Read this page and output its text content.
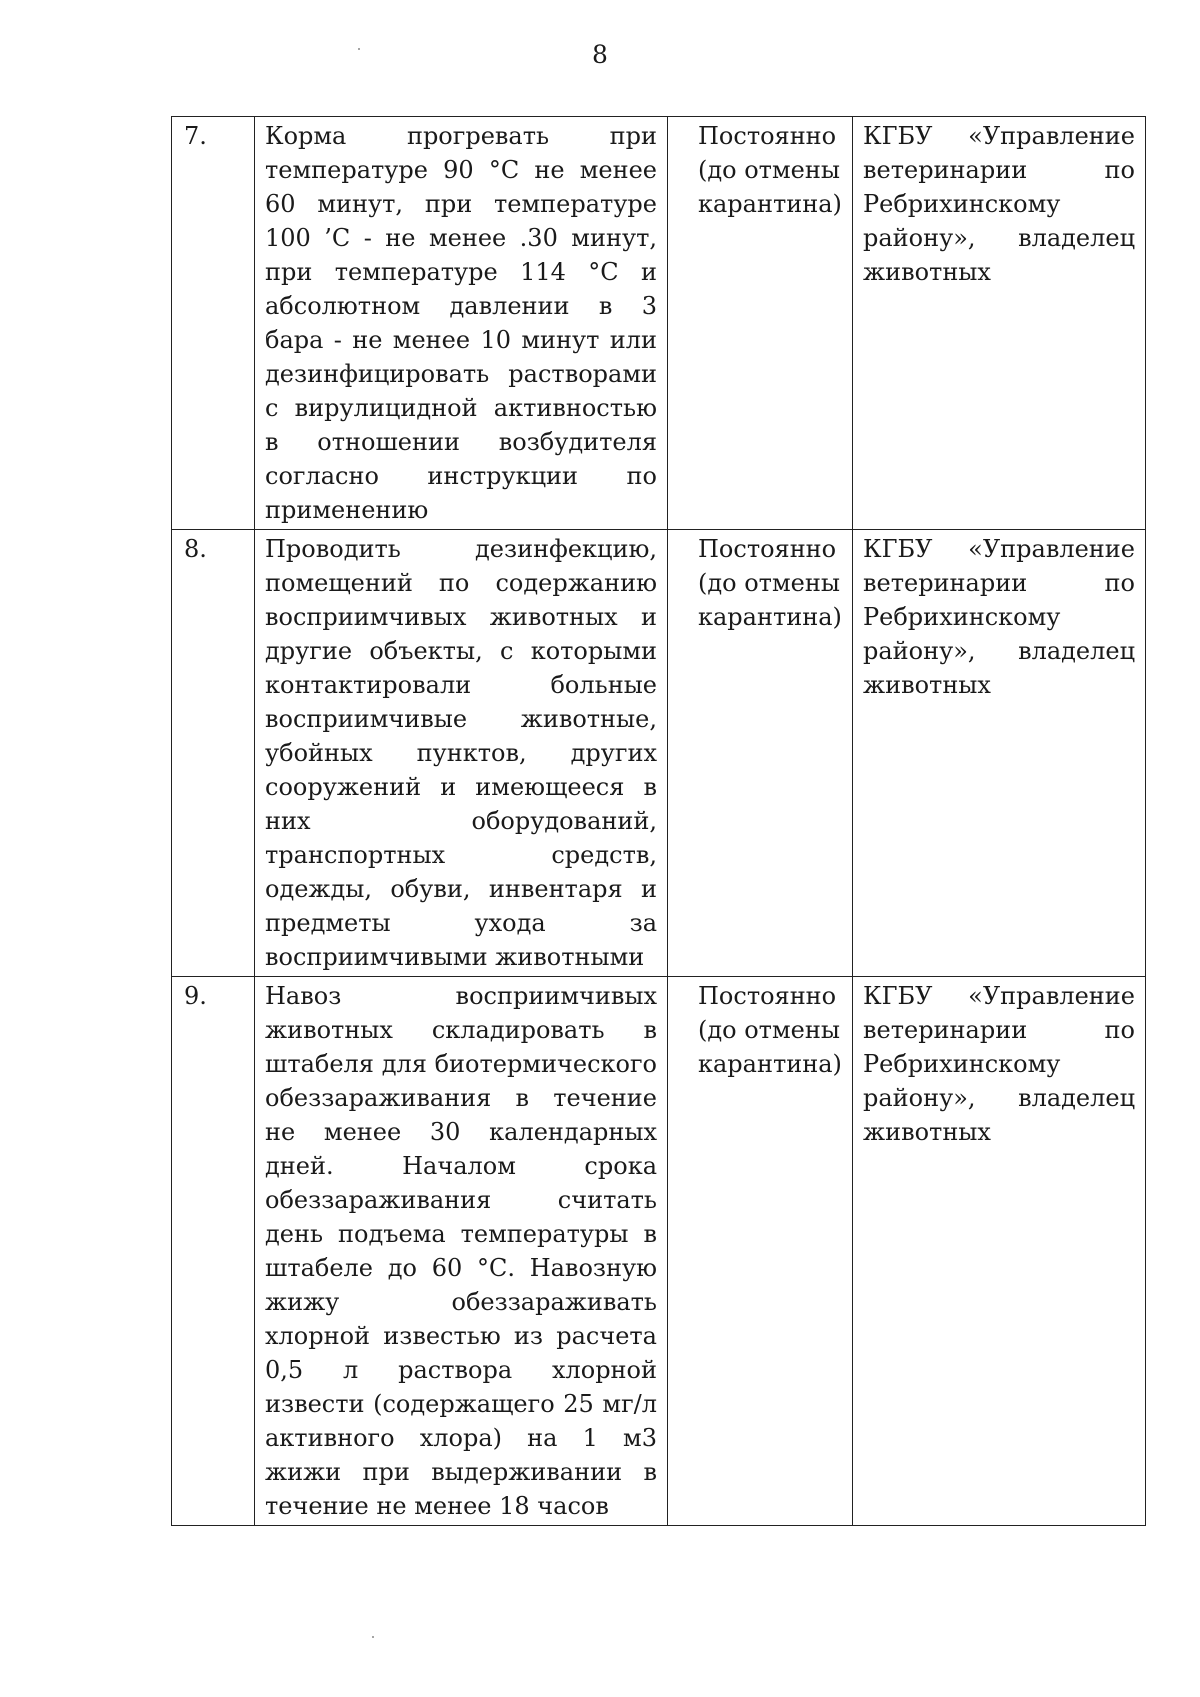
8
7.	Корма прогревать при температуре 90 °С не менее 60 минут, при температуре 100 ’С - не менее .30 минут, при температуре 114 °С и абсолютном давлении в 3 бара - не менее 10 минут или дезинфицировать растворами с вирулицидной активностью в отношении возбудителя согласно инструкции по применению	Постоянно (до отмены карантина)	КГБУ «Управление ветеринарии по Ребрихинскому району», владелец животных
8.	Проводить дезинфекцию, помещений по содержанию восприимчивых животных и другие объекты, с которыми контактировали больные восприимчивые животные, убойных пунктов, других сооружений и имеющееся в них оборудований, транспортных средств, одежды, обуви, инвентаря и предметы ухода за восприимчивыми животными	Постоянно (до отмены карантина)	КГБУ «Управление ветеринарии по Ребрихинскому району», владелец животных
9.	Навоз восприимчивых животных складировать в штабеля для биотермического обеззараживания в течение не менее 30 календарных дней. Началом срока обеззараживания считать день подъема температуры в штабеле до 60 °С. Навозную жижу обеззараживать хлорной известью из расчета 0,5 л раствора хлорной извести (содержащего 25 мг/л активного хлора) на 1 м3 жижи при выдерживании в течение не менее 18 часов	Постоянно (до отмены карантина)	КГБУ «Управление ветеринарии по Ребрихинскому району», владелец животных
